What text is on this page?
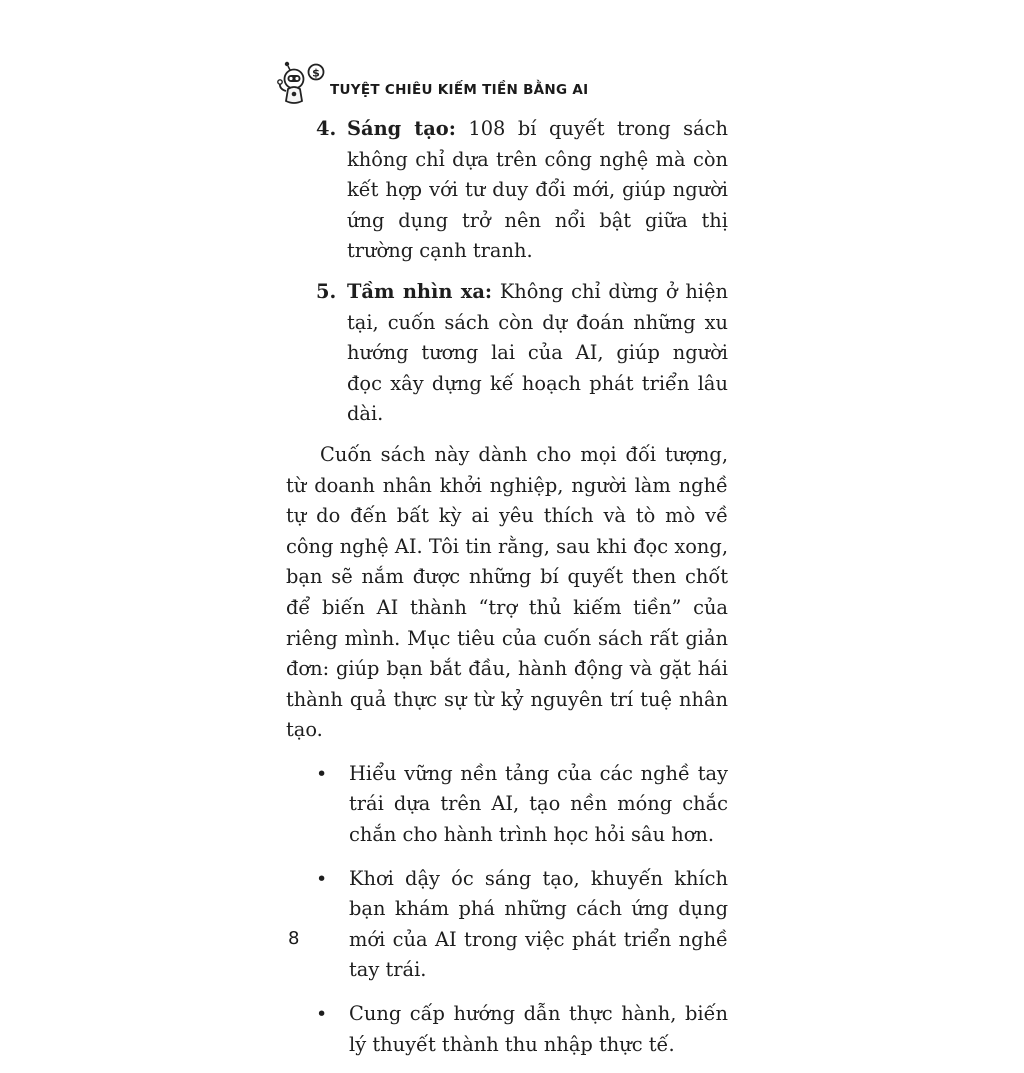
$
TUYỆT CHIÊU KIẾM TIỀN BẰNG AI
4. Sáng tạo: 108 bí quyết trong sách không chỉ dựa trên công nghệ mà còn kết hợp với tư duy đổi mới, giúp người ứng dụng trở nên nổi bật giữa thị trường cạnh tranh.
5. Tầm nhìn xa: Không chỉ dừng ở hiện tại, cuốn sách còn dự đoán những xu hướng tương lai của AI, giúp người đọc xây dựng kế hoạch phát triển lâu dài.

Cuốn sách này dành cho mọi đối tượng, từ doanh nhân khởi nghiệp, người làm nghề tự do đến bất kỳ ai yêu thích và tò mò về công nghệ AI. Tôi tin rằng, sau khi đọc xong, bạn sẽ nắm được những bí quyết then chốt để biến AI thành “trợ thủ kiếm tiền” của riêng mình. Mục tiêu của cuốn sách rất giản đơn: giúp bạn bắt đầu, hành động và gặt hái thành quả thực sự từ kỷ nguyên trí tuệ nhân tạo.

•	Hiểu vững nền tảng của các nghề tay trái dựa trên AI, tạo nền móng chắc chắn cho hành trình học hỏi sâu hơn.
•	Khơi dậy óc sáng tạo, khuyến khích bạn khám phá những cách ứng dụng mới của AI trong việc phát triển nghề tay trái.
•	Cung cấp hướng dẫn thực hành, biến lý thuyết thành thu nhập thực tế.
8
